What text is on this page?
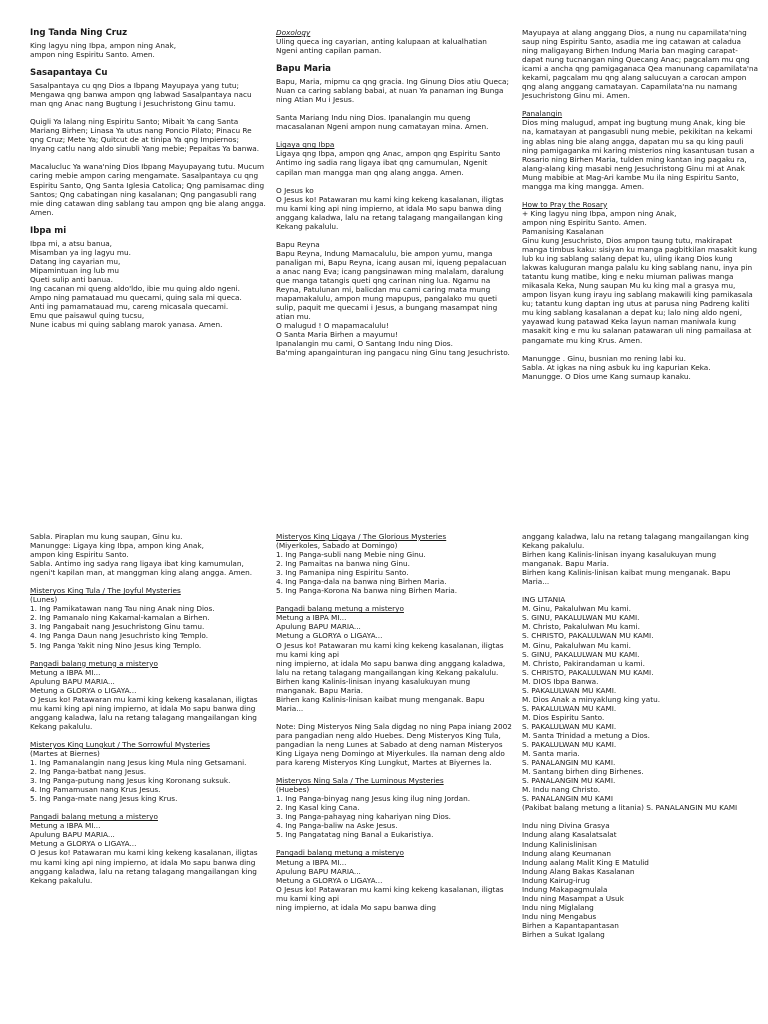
Ing Tanda Ning Cruz

King lagyu ning Ibpa, ampon ning Anak,
ampon ning Espiritu Santo. Amen.

Sasapantaya Cu

Sasalpantaya cu qng Dios a Ibpang Mayupaya yang tutu; Mengawa qng banwa ampon qng labwad Sasalpantaya nacu man qng Anac nang Bugtung i Jesuchristong Ginu tamu.

Quigli Ya lalang ning Espiritu Santo; Mibait Ya cang Santa Mariang Birhen; Linasa Ya utus nang Poncio Pilato; Pinacu Re qng Cruz; Mete Ya; Quitcut de at tinipa Ya qng Impiernos; Inyang catlu nang aldo sinubli Yang mebie; Pepaitas Ya banwa.

Macalucluc Ya wana'ning Dios Ibpang Mayupayang tutu. Mucum caring mebie ampon caring mengamate. Sasalpantaya cu qng Espiritu Santo, Qng Santa Iglesia Catolica; Qng pamisamac ding Santos; Qng cabatingan ning kasalanan; Qng pangasubli rang mie ding catawan ding sablang tau ampon qng bie alang angga. Amen.

Ibpa mi

Ibpa mi, a atsu banua,
Misamban ya ing lagyu mu.
Datang ing cayarian mu,
Mipamintuan ing lub mu
Queti sulip anti banua.
Ing cacanan mi queng aldo'ldo, ibie mu quing aldo ngeni.
Ampo ning pamatauad mu quecami, quing sala mi queca.
Anti ing pamamatauad mu, careng micasala quecami.
Emu que paisawul quing tucsu,
Nune icabus mi quing sablang marok yanasa. Amen.

Doxology

Uling queca ing cayarian, anting kalupaan at kalualhatian
Ngeni anting capilan paman.

Bapu Maria

Bapu, Maria, mipmu ca qng gracia. Ing Ginung Dios atiu Queca;
Nuan ca caring sablang babai, at nuan Ya panaman ing Bunga ning Atian Mu i Jesus.

Santa Mariang Indu ning Dios. Ipanalangin mu queng macasalanan Ngeni ampon nung camatayan mina. Amen.

Ligaya qng Ibpa

Ligaya qng Ibpa, ampon qng Anac, ampon qng Espiritu Santo Antimo ing sadia rang ligaya ibat qng camumulan, Ngenit capilan man mangga man qng alang angga. Amen.

O Jesus ko

O Jesus ko! Patawaran mu kami king kekeng kasalanan, iligtas mu kami king api ning impierno, at idala Mo sapu banwa ding anggang kaladwa, lalu na retang talagang mangailangan king Kekang pakalulu.

Bapu Reyna

Bapu Reyna, Indung Mamacalulu, bie ampon yumu, manga panaligan mi, Bapu Reyna, icang ausan mi, iqueng pepalacuan a anac nang Eva; icang pangsinawan ming malalam, daralung que manga tatangis queti qng carinan ning lua. Ngamu na Reyna, Patulunan mi, balicdan mu cami caring mata mung mapamakalulu, ampon mung mapupus, pangalako mu queti sulip, paquit me quecami i Jesus, a bungang masampat ning atian mu.
O malugud ! O mapamacalulu!
O Santa Maria Birhen a mayumu!
Ipanalangin mu cami, O Santang Indu ning Dios.
Ba'ming apangainturan ing pangacu ning Ginu tang Jesuchristo.

Mayupaya at alang anggang Dios, a nung nu capamilata'ning saup ning Espiritu Santo, asadia me ing catawan at caladua ning maligayang Birhen Indung Maria ban maging carapat-dapat nung tucnangan ning Quecang Anac; pagcalam mu qng icami a ancha qng pamigaganaca Qea manunang capamilata'na kekami, pagcalam mu qng alang salucuyan a carocan ampon qng alang anggang camatayan. Capamilata'na nu namang Jesuchristong Ginu mi. Amen.

Panalangin

Dios ming malugud, ampat ing bugtung mung Anak, king bie na, kamatayan at pangasubli nung mebie, pekikitan na kekami ing ablas ning bie alang angga, dapatan mu sa qu king pauli ning pamigaganka mi karing misterios ning kasantusan tusan a Rosario ning Birhen Maria, tulden ming kantan ing pagaku ra, alang-alang king masabi neng Jesuchristong Ginu mi at Anak Mung mabibie at Mag-Ari kambe Mu ila ning Espiritu Santo, mangga ma king mangga. Amen.

How to Pray the Rosary

+ King lagyu ning Ibpa, ampon ning Anak,
ampon ning Espiritu Santo. Amen.
Pamanising Kasalanan
Ginu kung Jesuchristo, Dios ampon taung tutu, makirapat manga timbus kaku: sisiyan ku manga pagbitkilan masakit kung lub ku ing sablang salang depat ku, uling ikang Dios kung lakwas kaluguran manga palalu ku king sablang nanu, inya pin tatantu kung matibe, king e neku miuman paliwas manga mikasala Keka, Nung saupan Mu ku king mal a grasya mu, ampon lisyan kung irayu ing sablang makawili king pamikasala ku; tatantu kung daptan ing utus at parusa ning Padreng kaliti mu king sablang kasalanan a depat ku; lalo ning aldo ngeni, yayawad kung patawad Keka layun naman maniwala kung masakit king e mu ku salanan patawaran uli ning pamailasa at pangamate mu king Krus. Amen.

Manungge . Ginu, busnian mo rening labi ku.
Sabla. At igkas na ning asbuk ku ing kapurian Keka.
Manungge. O Dios ume Kang sumaup kanaku.

Sabla. Piraplan mu kung saupan, Ginu ku.
Manungge: Ligaya king Ibpa, ampon king Anak,
ampon king Espiritu Santo.
Sabla. Antimo ing sadya rang ligaya ibat king kamumulan, ngeni't kapilan man, at manggman king alang angga. Amen.

Misteryos King Tula / The Joyful Mysteries

(Lunes)
1. Ing Pamikatawan nang Tau ning Anak ning Dios.
2. Ing Pamanalo ning Kakamal-kamalan a Birhen.
3. Ing Pangabait nang Jesuchristong Ginu tamu.
4. Ing Panga Daun nang Jesuchristo king Templo.
5. Ing Panga Yakit ning Nino Jesus king Templo.

Pangadi balang metung a misteryo

Metung a IBPA MI...
Apulung BAPU MARIA...
Metung a GLORYA o LIGAYA...
O Jesus ko! Patawaran mu kami king kekeng kasalanan, iligtas mu kami king api ning impierno, at idala Mo sapu banwa ding anggang kaladwa, lalu na retang talagang mangailangan king Kekang pakalulu.

Misteryos King Lungkut / The Sorrowful Mysteries

(Martes at Biernes)
1. Ing Pamanalangin nang Jesus king Mula ning Getsamani.
2. Ing Panga-batbat nang Jesus.
3. Ing Panga-putung nang Jesus king Koronang suksuk.
4. Ing Pamamusan nang Krus Jesus.
5. Ing Panga-mate nang Jesus king Krus.

Pangadi balang metung a misteryo

Metung a IBPA MI...
Apulung BAPU MARIA...
Metung a GLORYA o LIGAYA...
O Jesus ko! Patawaran mu kami king kekeng kasalanan, iligtas mu kami king api ning impierno, at idala Mo sapu banwa ding anggang kaladwa, lalu na retang talagang mangailangan king Kekang pakalulu.

Misteryos King Ligaya / The Glorious Mysteries

(Miyerkoles, Sabado at Domingo)
1. Ing Panga-subli nang Mebie ning Ginu.
2. Ing Pamaitas na banwa ning Ginu.
3. Ing Pamanipa ning Espiritu Santo.
4. Ing Panga-dala na banwa ning Birhen Maria.
5. Ing Panga-Korona Na banwa ning Birhen Maria.

Pangadi balang metung a misteryo

Metung a IBPA MI...
Apulung BAPU MARIA...
Metung a GLORYA o LIGAYA...
O Jesus ko! Patawaran mu kami king kekeng kasalanan, iligtas mu kami king api
ning impierno, at idala Mo sapu banwa ding anggang kaladwa, lalu na retang talagang mangailangan king Kekang pakalulu.
Birhen kang Kalinis-linisan inyang kasalukuyan mung manganak. Bapu Maria.
Birhen kang Kalinis-linisan kaibat mung menganak. Bapu Maria...

Note: Ding Misteryos Ning Sala digdag no ning Papa iniang 2002 para pangadian neng aldo Huebes. Deng Misteryos King Tula, pangadian la neng Lunes at Sabado at deng naman Misteryos King Ligaya neng Domingo at Miyerkules. Ila naman deng aldo para kareng Misteryos King Lungkut, Martes at Biyernes la.

Misteryos Ning Sala / The Luminous Mysteries

(Huebes)
1. Ing Panga-binyag nang Jesus king ilug ning Jordan.
2. Ing Kasal king Cana.
3. Ing Panga-pahayag ning kahariyan ning Dios.
4. Ing Panga-baliw na Aske Jesus.
5. Ing Pangatatag ning Banal a Eukaristiya.

Pangadi balang metung a misteryo

Metung a IBPA MI...
Apulung BAPU MARIA...
Metung a GLORYA o LIGAYA...
O Jesus ko! Patawaran mu kami king kekeng kasalanan, iligtas mu kami king api
ning impierno, at idala Mo sapu banwa ding

anggang kaladwa, lalu na retang talagang mangailangan king Kekang pakalulu.
Birhen kang Kalinis-linisan inyang kasalukuyan mung manganak. Bapu Maria.
Birhen kang Kalinis-linisan kaibat mung menganak. Bapu Maria...

ING LITANIA

M. Ginu, Pakalulwan Mu kami.
S. GINU, PAKALULWAN MU KAMI.
M. Christo, Pakalulwan Mu kami.
S. CHRISTO, PAKALULWAN MU KAMI.
M. Ginu, Pakalulwan Mu kami.
S. GINU, PAKALULWAN MU KAMI.
M. Christo, Pakirandaman u kami.
S. CHRISTO, PAKALULWAN MU KAMI.
M. DIOS Ibpa Banwa.
S. PAKALULWAN MU KAMI.
M. Dios Anak a minyaklung king yatu.
S. PAKALULWAN MU KAMI.
M. Dios Espiritu Santo.
S. PAKALULWAN MU KAMI.
M. Santa Trinidad a metung a Dios.
S. PAKALULWAN MU KAMI.
M. Santa maria.
S. PANALANGIN MU KAMI.
M. Santang birhen ding Birhenes.
S. PANALANGIN MU KAMI.
M. Indu nang Christo.
S. PANALANGIN MU KAMI
(Pakibat balang metung a litania) S. PANALANGIN MU KAMI

Indu ning Divina Grasya
Indung alang Kasalatsalat
Indung Kalinislinisan
Indung alang Keumanan
Indung aalang Malit King E Matulid
Indung Alang Bakas Kasalanan
Indung Kairug-irug
Indung Makapagmulala
Indu ning Masampat a Usuk
Indu ning Miglalang
Indu ning Mengabus
Birhen a Kapantapantasan
Birhen a Sukat Igalang
